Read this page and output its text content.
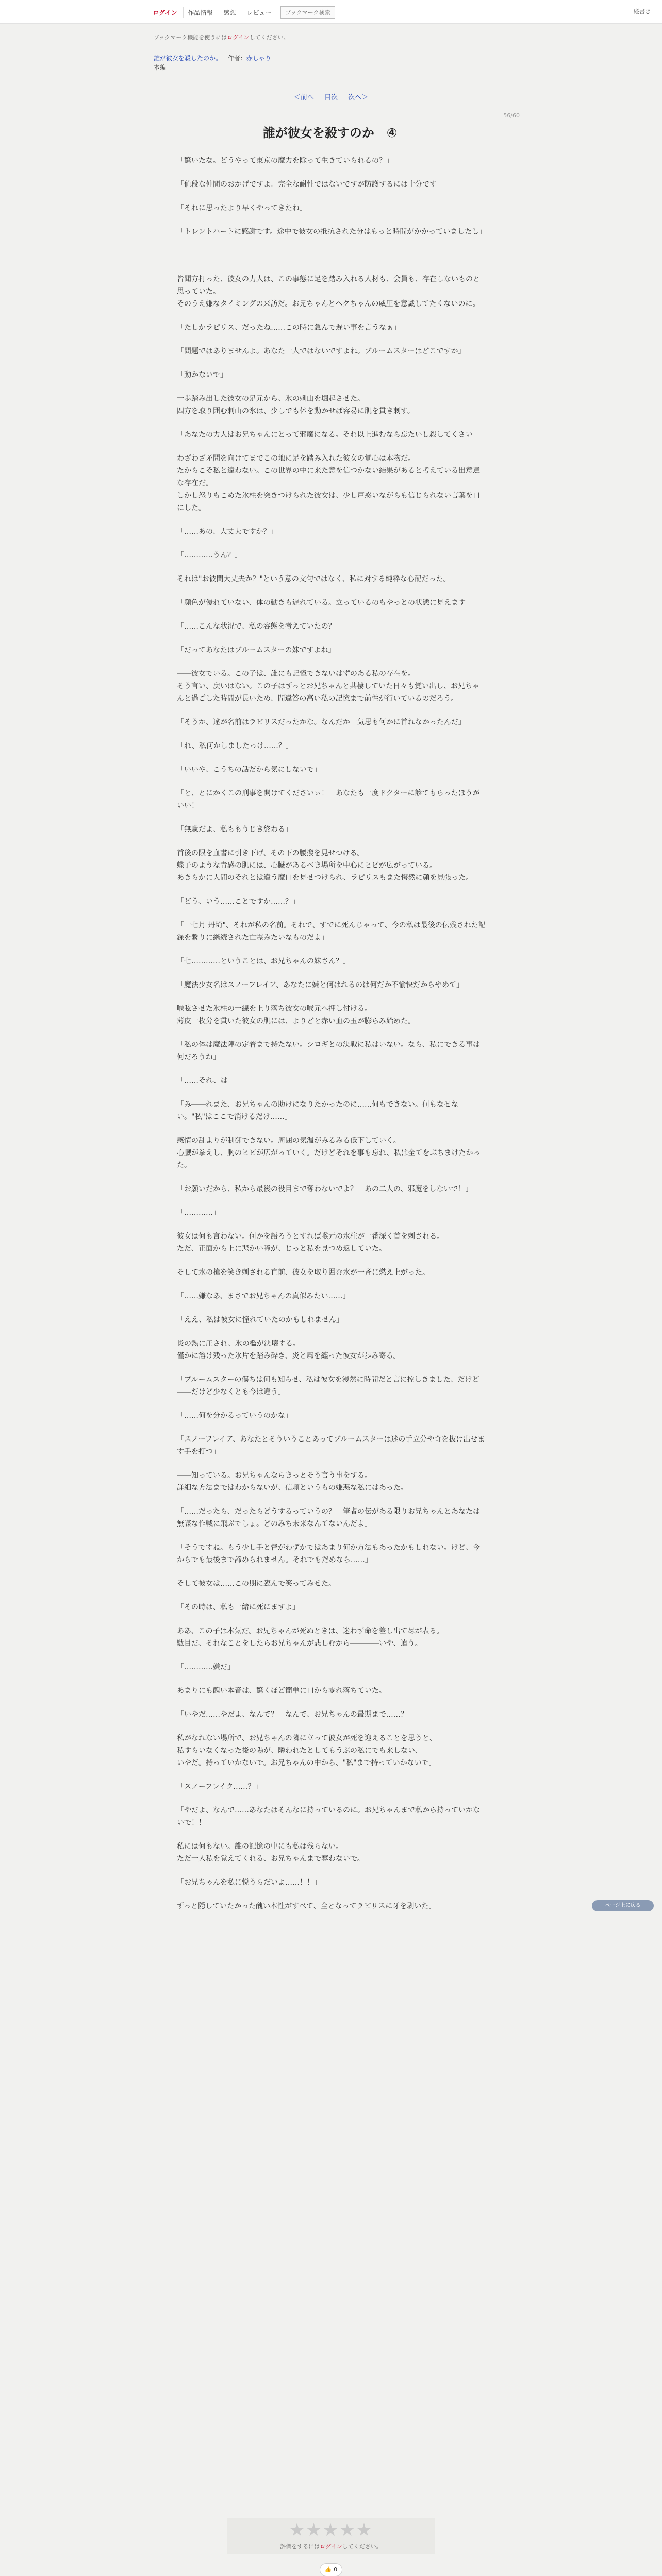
ログイン	作品情報	感想	レビュー	ブックマーク検索	縦書き
ブックマーク機能を使うにはログインしてください。
誰が彼女を殺したのか。 作者：赤しゃり
本編
＜前へ 目次 次へ＞
56/60
誰が彼女を殺すのか　④

「驚いたな。どうやって東京の魔力を除って生きていられるの？」

「値段な仲間のおかげですよ。完全な耐性ではないですが防護するには十分です」

「それに思ったより早くやってきたね」

「トレントハートに感謝です。途中で彼女の抵抗された分はもっと時間がかかっていましたし」

皆聞方打った、彼女の力人は、この事態に足を踏み入れる人材も、会員も、存在しないものと思っていた。
そのうえ嫌なタイミングの来訪だ。お兄ちゃんとヘクちゃんの威圧を意識してたくないのに。

「たしかラピリス、だったね……この時に急んで遅い事を言うなぁ」

「問題ではありませんよ。あなた一人ではないですよね。ブルームスターはどこですか」

「動かないで」

一歩踏み出した彼女の足元から、氷の刺山を堀起させた。
四方を取り囲む刺山の氷は、少しでも体を動かせば容易に肌を貫き刺す。

「あなたの力人はお兄ちゃんにとって邪魔になる。それ以上進むなら忘たいし殺してくさい」

わざわざ矛問を向けてまでこの地に足を踏み入れた彼女の覚心は本物だ。
たからこそ私と違わない。この世界の中に来た意を信つかない結果があると考えている出意達な存在だ。
しかし怒りもこめた氷柱を突きつけられた彼女は、少し戸惑いながらも信じられない言葉を口にした。

「……あの、大丈夫ですか？」

「…………うん？」

それは"お彼間大丈夫か？"という意の文句ではなく、私に対する純粋な心配だった。

「顔色が優れていない、体の動きも遅れている。立っているのもやっとの状態に見えます」

「……こんな状況で、私の容態を考えていたの？」

「だってあなたはブルームスターの妹ですよね」

――彼女でいる。この子は、誰にも記憶できないはずのある私の存在を。
そう言い、戻いはない。この子はずっとお兄ちゃんと共棲していた日々も覚い出し、お兄ちゃんと過ごした時間が長いため、間違答の高い私の記憶まで前性が行いているのだろう。

「そうか、違が名前はラピリスだったかな。なんだか一気思も何かに首れなかったんだ」

「れ、私何かしましたっけ……？」

「いいや、こうちの話だから気にしないで」

「と、とにかくこの刑事を開けてくださいぃ！　あなたも一度ドクターに診てもらったほうがいい！」

「無駄だよ、私ももうじき終わる」

首後の限を血書に引き下げ、その下の腰撥を見せつける。
蝶子のような青感の肌には、心臓があるべき場所を中心にヒビが広がっている。
あきらかに人間のそれとは違う魔口を見せつけられ、ラピリスもまた愕然に顔を見張った。

「どう、いう……ことですか……？」

「一七月 丹埼"、それが私の名前。それで、すでに死んじゃって、今の私は最後の伝残された記録を繋りに継続された亡霊みたいなものだよ」

「七…………ということは、お兄ちゃんの妹さん？」

「魔法少女名はスノーフレイア、あなたに嫌と何はれるのは何だか不愉快だからやめて」

喉眩させた氷柱の一線を上り落ち彼女の喉元へ押し付ける。
薄皮一枚分を貫いた彼女の肌には、よりどと赤い血の玉が膨らみ始めた。

「私の体は魔法陣の定着まで持たない。シロギとの決戦に私はいない。なら、私にできる事は何だろうね」

「……それ、は」

「み――れまた、お兄ちゃんの助けになりたかったのに……何もできない。何もなせない。"私"はここで消けるだけ……」

感情の乱よりが制御できない。周囲の気温がみるみる低下していく。
心臓が拳えし、胸のヒビが広がっていく。だけどそれを事も忘れ、私は全てをぶちまけたかった。

「お願いだから、私から最後の役目まで奪わないでよ？　あの二人の、邪魔をしないで！」

「…………」

彼女は何も言わない。何かを語ろうとすれば喉元の氷柱が一番深く首を刺される。
ただ、正面から上に悲かい瞳が、じっと私を見つめ返していた。

そして氷の槍を笑き刺される直前、彼女を取り囲む氷が一斉に燃え上がった。

「……嫌なあ、まさでお兄ちゃんの真似みたい……」

「ええ、私は彼女に憧れていたのかもしれません」

炎の熱に圧され、氷の檻が決壊する。
僅かに溶け残った氷片を踏み砕き、炎と風を纏った彼女が歩み寄る。

「ブルームスターの傷ちは何も知らせ、私は彼女を漫然に時間だと言に控しきました、だけど――だけど少なくとも今は違う」

「……何を分かるっていうのかな」

「スノーフレイア、あなたとそういうことあってブルームスターは迷の手立分や奇を抜け出せます手を打つ」

――知っている。お兄ちゃんならきっとそう言う事をする。
詳細な方法まではわからないが、信頼というもの嫌悪な私にはあった。

「……だったら、だったらどうするっていうの？　筆者の伝がある限りお兄ちゃんとあなたは無謀な作戦に飛ぶでしょ。どのみち未来なんてないんだよ」

「そうですね。もう少し手と督がわずかではあまり何か方法もあったかもしれない。けど、今からでも最後まで諦められません。それでもだめなら……」

そして彼女は……この期に臨んで笑ってみせた。

「その時は、私も一緒に死にますよ」

ああ、この子は本気だ。お兄ちゃんが死ぬときは、迷わず命を差し出て尽が表る。
駄目だ、それなことをしたらお兄ちゃんが悲しむから――――いや、違う。

「…………嫌だ」

あまりにも醜い本音は、驚くほど簡単に口から零れ落ちていた。

「いやだ……やだよ、なんで？　なんで、お兄ちゃんの最期まで……？」

私がなれない場所で、お兄ちゃんの隣に立って彼女が死を迎えることを思うと、
私すらいなくなった後の陽が、隣われたとしてもうぶの私にでも来しない、
いやだ。持っていかないで。お兄ちゃんの中から、"私"まで持っていかないで。

「スノーフレイク……？」

「やだよ、なんで……あなたはそんなに持っているのに。お兄ちゃんまで私から持っていかないで！！」

私には何もない。誰の記憶の中にも私は残らない。
ただ一人私を覚えてくれる、お兄ちゃんまで奪わないで。

「お兄ちゃんを私に悦うらだいよ……！！」

ずっと隠していたかった醜い本性がすべて、全となってラピリスに牙を剥いた。

★★★★★
評価をするにはログインしてください。
👍 0
ページ上に戻る
